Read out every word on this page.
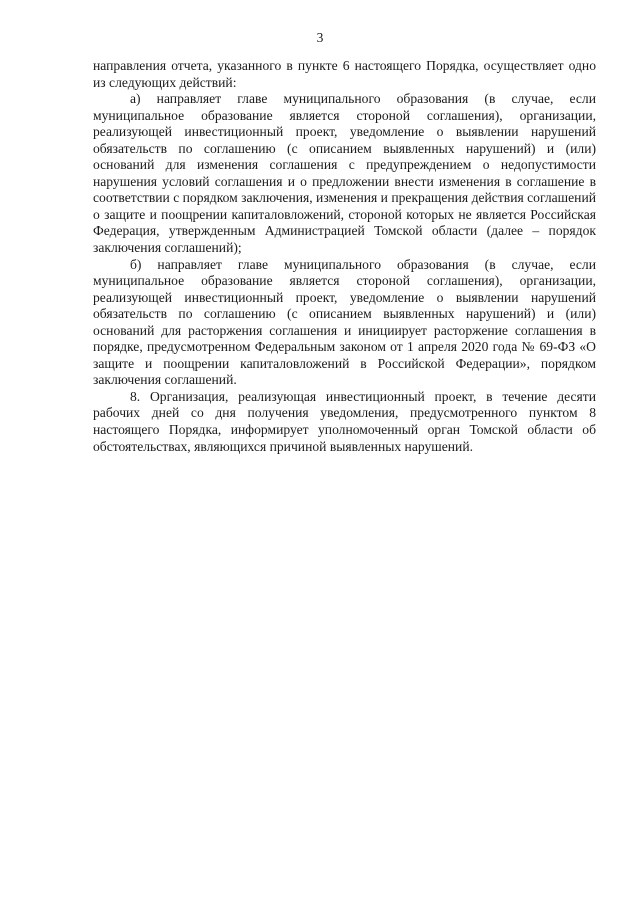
3

направления отчета, указанного в пункте 6 настоящего Порядка, осуществляет одно из следующих действий:

а) направляет главе муниципального образования (в случае, если муниципальное образование является стороной соглашения), организации, реализующей инвестиционный проект, уведомление о выявлении нарушений обязательств по соглашению (с описанием выявленных нарушений) и (или) оснований для изменения соглашения с предупреждением о недопустимости нарушения условий соглашения и о предложении внести изменения в соглашение в соответствии с порядком заключения, изменения и прекращения действия соглашений о защите и поощрении капиталовложений, стороной которых не является Российская Федерация, утвержденным Администрацией Томской области (далее – порядок заключения соглашений);

б) направляет главе муниципального образования (в случае, если муниципальное образование является стороной соглашения), организации, реализующей инвестиционный проект, уведомление о выявлении нарушений обязательств по соглашению (с описанием выявленных нарушений) и (или) оснований для расторжения соглашения и инициирует расторжение соглашения в порядке, предусмотренном Федеральным законом от 1 апреля 2020 года № 69-ФЗ «О защите и поощрении капиталовложений в Российской Федерации», порядком заключения соглашений.

8. Организация, реализующая инвестиционный проект, в течение десяти рабочих дней со дня получения уведомления, предусмотренного пунктом 8 настоящего Порядка, информирует уполномоченный орган Томской области об обстоятельствах, являющихся причиной выявленных нарушений.
